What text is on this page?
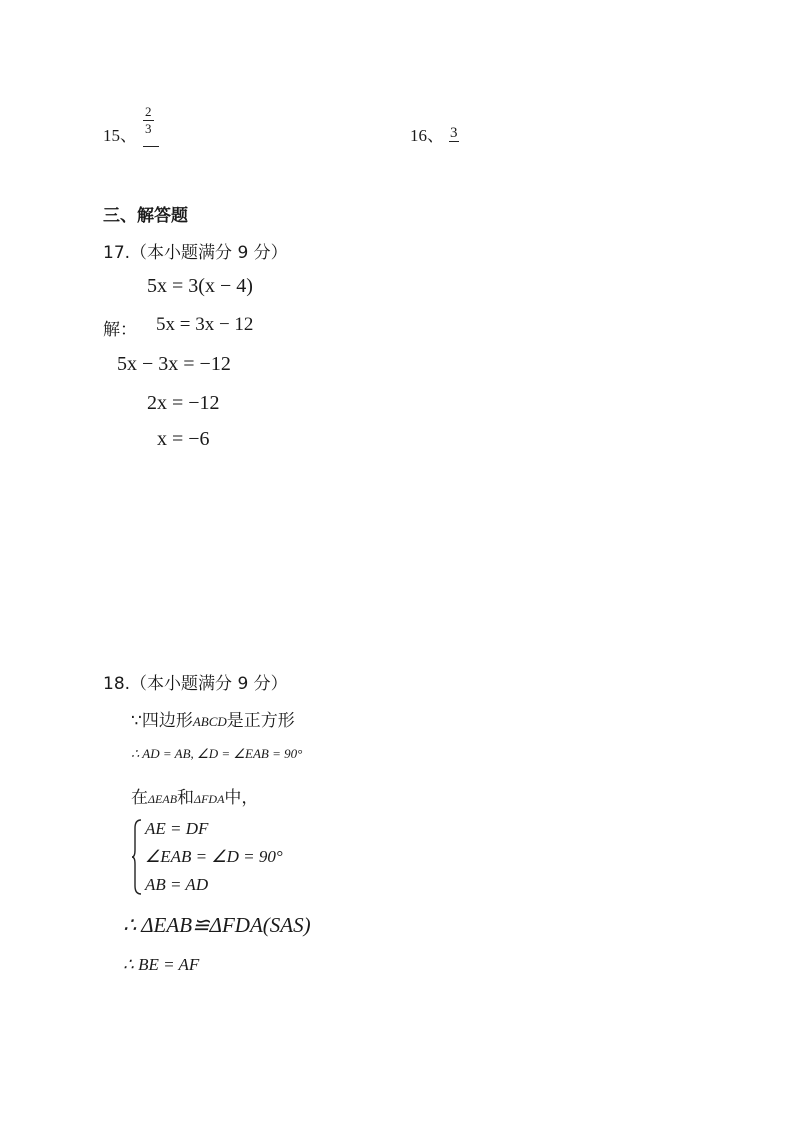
15、 $\frac{2}{3}$	16、 3
三、解答题
17.（本小题满分 9 分）
5x = 3(x − 4)
解： 5x = 3x − 12
5x − 3x = −12
2x = −12
x = −6
18.（本小题满分 9 分）
∵四边形ABCD是正方形
∴ AD = AB, ∠D = ∠EAB = 90°
在ΔEAB和ΔFDA中，
AE = DF
∠EAB = ∠D = 90°
AB = AD
∴ ΔEAB≌ΔFDA(SAS)
∴ BE = AF
